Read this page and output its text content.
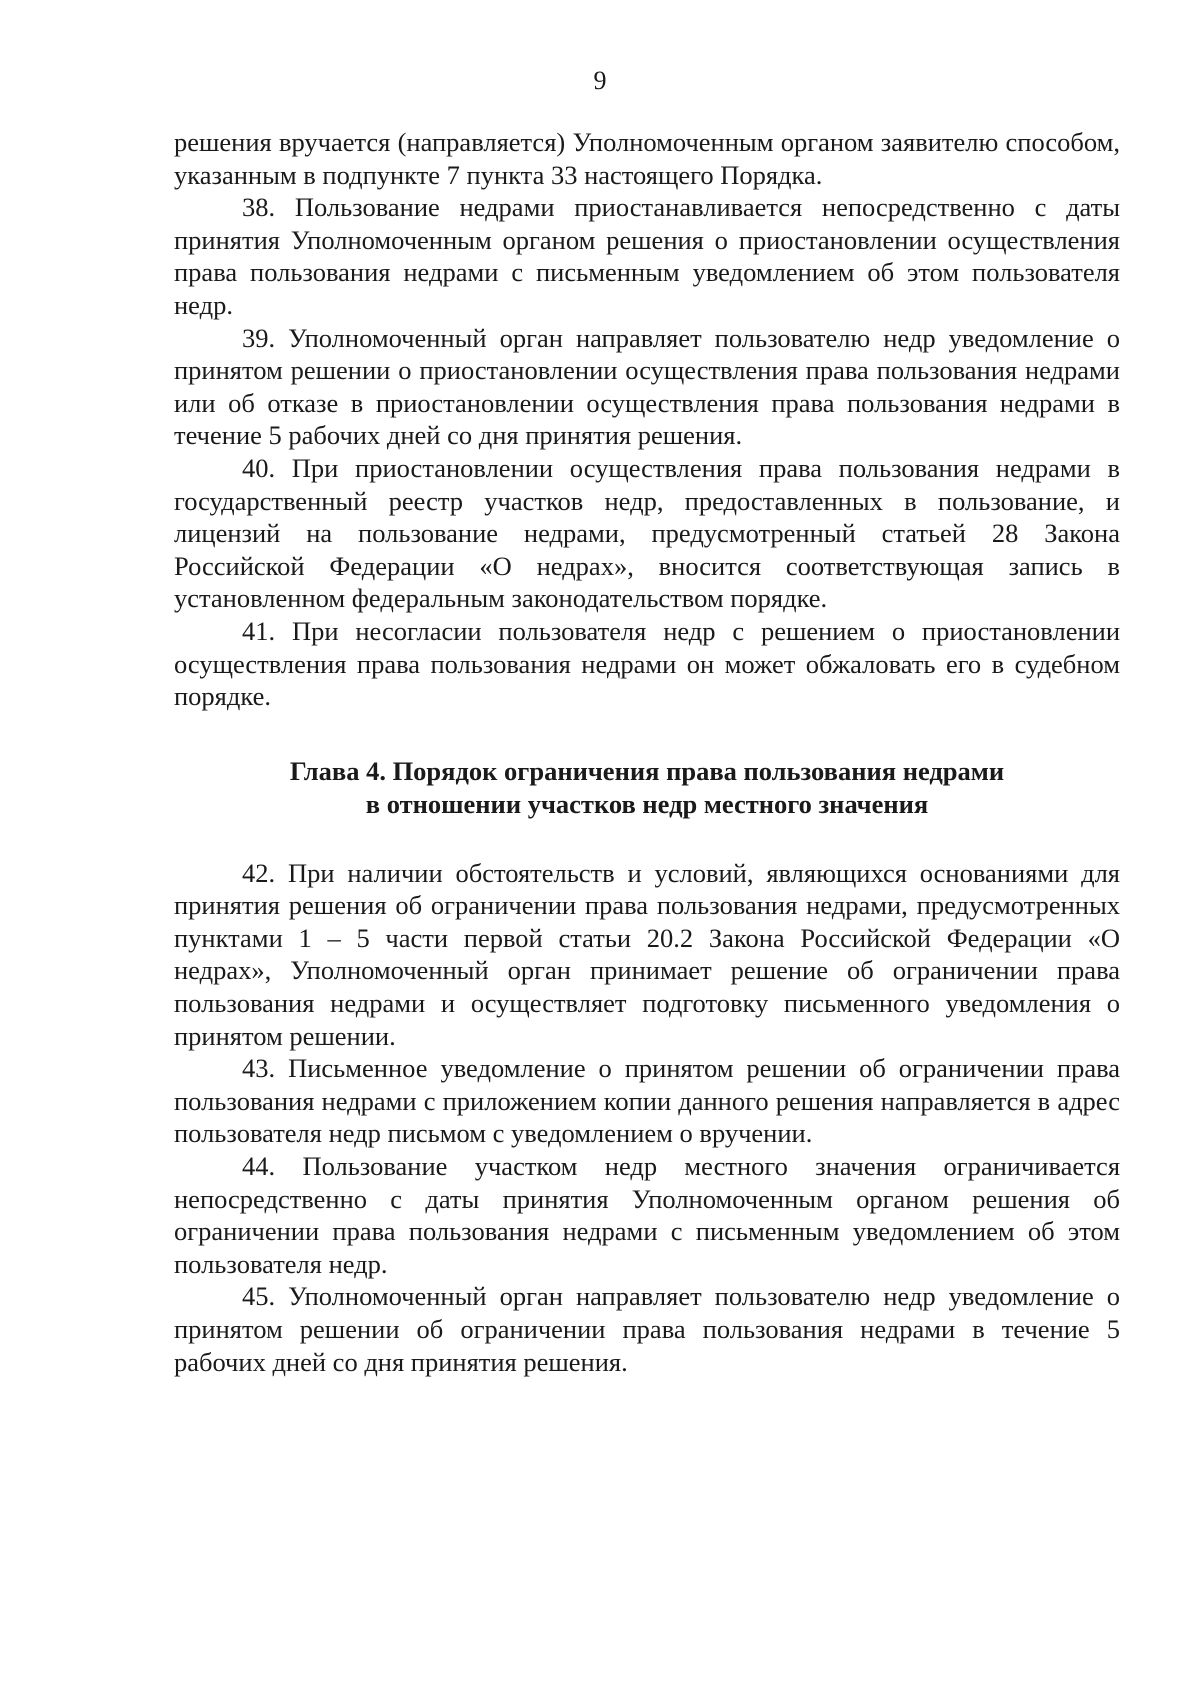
9

решения вручается (направляется) Уполномоченным органом заявителю способом, указанным в подпункте 7 пункта 33 настоящего Порядка.

38. Пользование недрами приостанавливается непосредственно с даты принятия Уполномоченным органом решения о приостановлении осуществления права пользования недрами с письменным уведомлением об этом пользователя недр.

39. Уполномоченный орган направляет пользователю недр уведомление о принятом решении о приостановлении осуществления права пользования недрами или об отказе в приостановлении осуществления права пользования недрами в течение 5 рабочих дней со дня принятия решения.

40. При приостановлении осуществления права пользования недрами в государственный реестр участков недр, предоставленных в пользование, и лицензий на пользование недрами, предусмотренный статьей 28 Закона Российской Федерации «О недрах», вносится соответствующая запись в установленном федеральным законодательством порядке.

41. При несогласии пользователя недр с решением о приостановлении осуществления права пользования недрами он может обжаловать его в судебном порядке.

Глава 4. Порядок ограничения права пользования недрами
в отношении участков недр местного значения

42. При наличии обстоятельств и условий, являющихся основаниями для принятия решения об ограничении права пользования недрами, предусмотренных пунктами 1 – 5 части первой статьи 20.2 Закона Российской Федерации «О недрах», Уполномоченный орган принимает решение об ограничении права пользования недрами и осуществляет подготовку письменного уведомления о принятом решении.

43. Письменное уведомление о принятом решении об ограничении права пользования недрами с приложением копии данного решения направляется в адрес пользователя недр письмом с уведомлением о вручении.

44. Пользование участком недр местного значения ограничивается непосредственно с даты принятия Уполномоченным органом решения об ограничении права пользования недрами с письменным уведомлением об этом пользователя недр.

45. Уполномоченный орган направляет пользователю недр уведомление о принятом решении об ограничении права пользования недрами в течение 5 рабочих дней со дня принятия решения.
